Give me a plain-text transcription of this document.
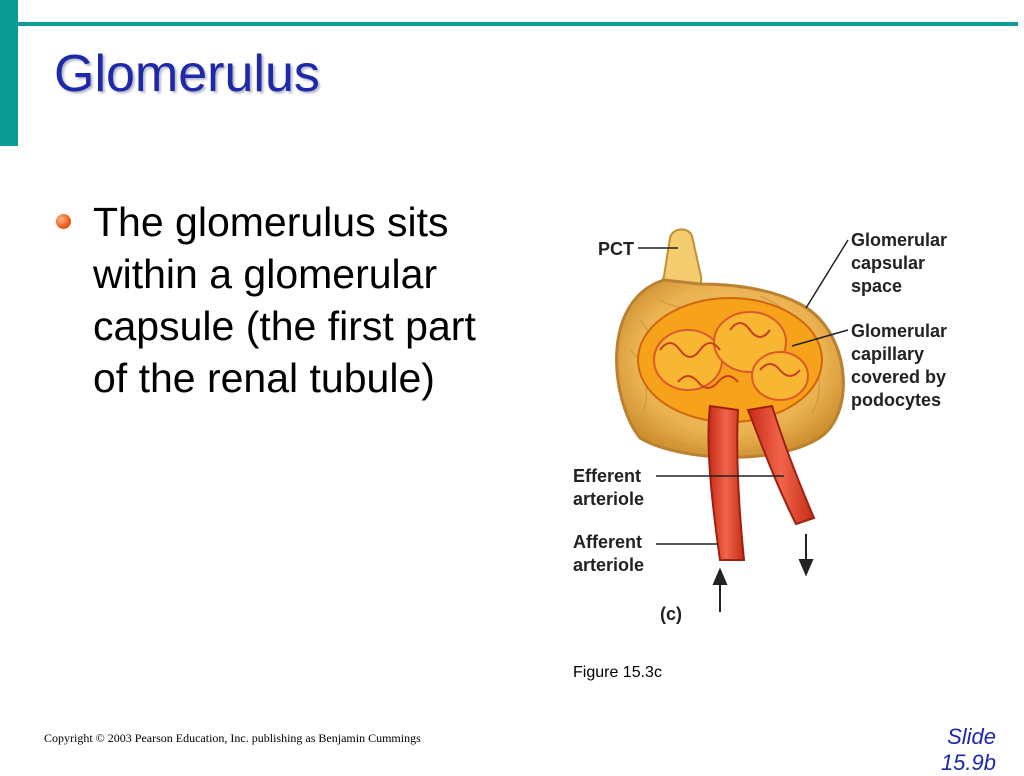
Glomerulus
The glomerulus sits within a glomerular capsule (the first part of the renal tubule)
PCT	Glomerular
capsular
space
Glomerular
capillary
covered by
podocytes
Efferent
arteriole
Afferent
arteriole
(c)
Figure 15.3c
Copyright © 2003 Pearson Education, Inc. publishing as Benjamin Cummings	Slide 15.9b
